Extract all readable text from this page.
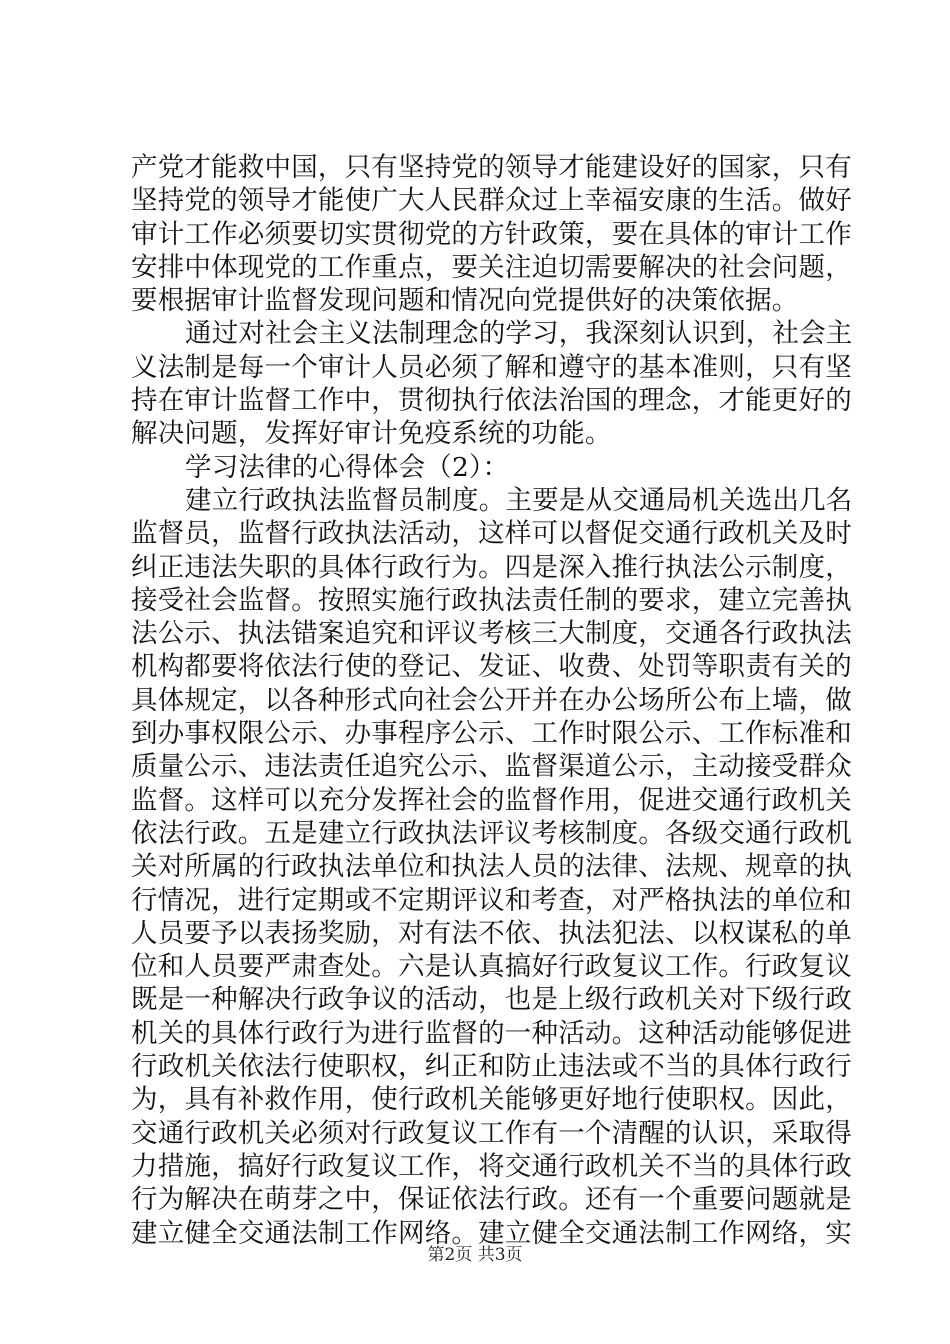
产党才能救中国，只有坚持党的领导才能建设好的国家，只有
坚持党的领导才能使广大人民群众过上幸福安康的生活。做好
审计工作必须要切实贯彻党的方针政策，要在具体的审计工作
安排中体现党的工作重点，要关注迫切需要解决的社会问题，
要根据审计监督发现问题和情况向党提供好的决策依据。
通过对社会主义法制理念的学习，我深刻认识到，社会主
义法制是每一个审计人员必须了解和遵守的基本准则，只有坚
持在审计监督工作中，贯彻执行依法治国的理念，才能更好的
解决问题，发挥好审计免疫系统的功能。
学习法律的心得体会（2）：
建立行政执法监督员制度。主要是从交通局机关选出几名
监督员，监督行政执法活动，这样可以督促交通行政机关及时
纠正违法失职的具体行政行为。四是深入推行执法公示制度，
接受社会监督。按照实施行政执法责任制的要求，建立完善执
法公示、执法错案追究和评议考核三大制度，交通各行政执法
机构都要将依法行使的登记、发证、收费、处罚等职责有关的
具体规定，以各种形式向社会公开并在办公场所公布上墙，做
到办事权限公示、办事程序公示、工作时限公示、工作标准和
质量公示、违法责任追究公示、监督渠道公示，主动接受群众
监督。这样可以充分发挥社会的监督作用，促进交通行政机关
依法行政。五是建立行政执法评议考核制度。各级交通行政机
关对所属的行政执法单位和执法人员的法律、法规、规章的执
行情况，进行定期或不定期评议和考查，对严格执法的单位和
人员要予以表扬奖励，对有法不依、执法犯法、以权谋私的单
位和人员要严肃查处。六是认真搞好行政复议工作。行政复议
既是一种解决行政争议的活动，也是上级行政机关对下级行政
机关的具体行政行为进行监督的一种活动。这种活动能够促进
行政机关依法行使职权，纠正和防止违法或不当的具体行政行
为，具有补救作用，使行政机关能够更好地行使职权。因此，
交通行政机关必须对行政复议工作有一个清醒的认识，采取得
力措施，搞好行政复议工作，将交通行政机关不当的具体行政
行为解决在萌芽之中，保证依法行政。还有一个重要问题就是
建立健全交通法制工作网络。建立健全交通法制工作网络，实
第2页 共3页
